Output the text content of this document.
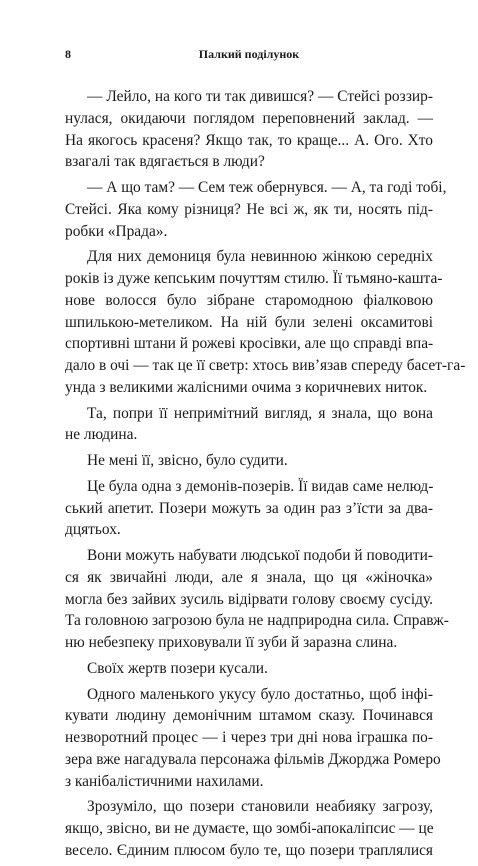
8	Палкий поділунок
— Лейло, на кого ти так дивишся? — Стейсі роззир-
нулася, окидаючи поглядом переповнений заклад. —
На якогось красеня? Якщо так, то краще... А. Ого. Хто
взагалі так вдягається в люди?
— А що там? — Сем теж обернувся. — А, та годі тобі,
Стейсі. Яка кому різниця? Не всі ж, як ти, носять під-
робки «Прада».
Для них демониця була невинною жінкою середніх
років із дуже кепським почуттям стилю. Її тьмяно-кашта-
нове волосся було зібране старомодною фіалковою
шпилькою-метеликом. На ній були зелені оксамитові
спортивні штани й рожеві кросівки, але що справді впа-
дало в очі — так це її светр: хтось вив’язав спереду басет-га-
унда з великими жалісними очима з коричневих ниток.
Та, попри її непримітний вигляд, я знала, що вона
не людина.
Не мені її, звісно, було судити.
Це була одна з демонів-позерів. Її видав саме нелюд-
ський апетит. Позери можуть за один раз з’їсти за два-
дцятьох.
Вони можуть набувати людської подоби й поводити-
ся як звичайні люди, але я знала, що ця «жіночка»
могла без зайвих зусиль відірвати голову своєму сусіду.
Та головною загрозою була не надприродна сила. Справж-
ню небезпеку приховували її зуби й заразна слина.
Своїх жертв позери кусали.
Одного маленького укусу було достатньо, щоб інфі-
кувати людину демонічним штамом сказу. Починався
незворотний процес — і через три дні нова іграшка по-
зера вже нагадувала персонажа фільмів Джорджа Ромеро
з канібалістичними нахилами.
Зрозуміло, що позери становили неабияку загрозу,
якщо, звісно, ви не думаєте, що зомбі-апокаліпсис — це
весело. Єдиним плюсом було те, що позери траплялися
